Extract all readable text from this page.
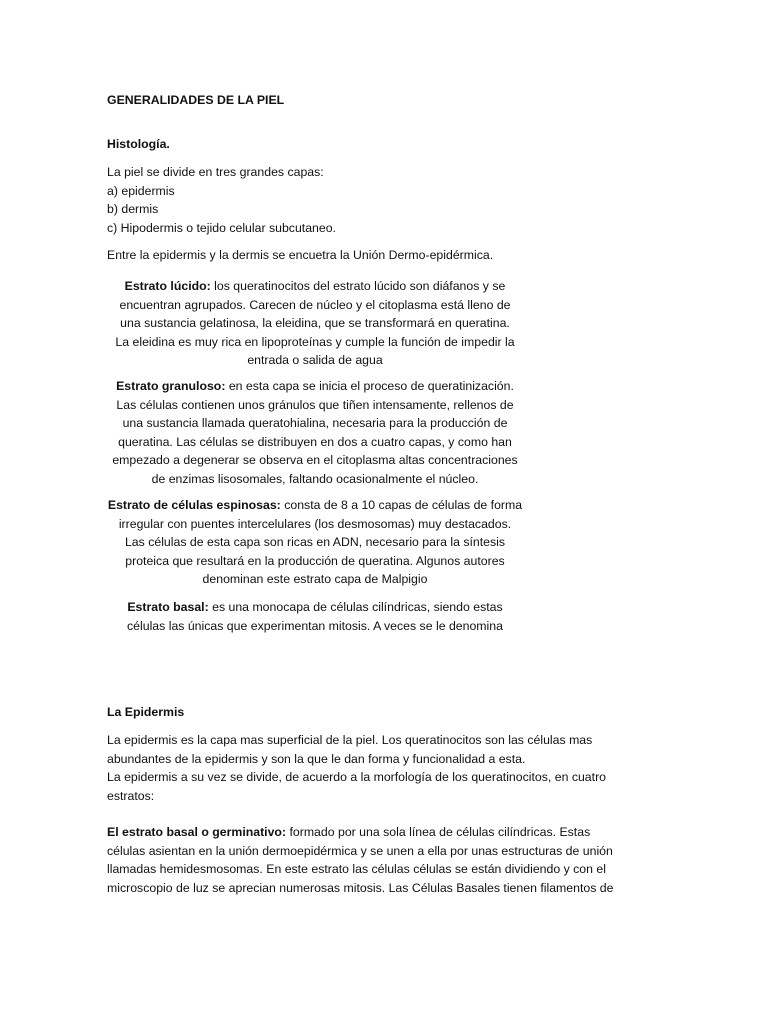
GENERALIDADES DE LA PIEL

Histología.

La piel se divide en tres grandes capas:
a) epidermis
b) dermis
c) Hipodermis o tejido celular subcutaneo.

Entre la epidermis y la dermis se encuetra la Unión Dermo-epidérmica.

Estrato lúcido: los queratinocitos del estrato lúcido son diáfanos y se
encuentran agrupados. Carecen de núcleo y el citoplasma está lleno de
una sustancia gelatinosa, la eleidina, que se transformará en queratina.
La eleidina es muy rica en lipoproteínas y cumple la función de impedir la
entrada o salida de agua
Estrato granuloso: en esta capa se inicia el proceso de queratinización.
Las células contienen unos gránulos que tiñen intensamente, rellenos de
una sustancia llamada queratohialina, necesaria para la producción de
queratina. Las células se distribuyen en dos a cuatro capas, y como han
empezado a degenerar se observa en el citoplasma altas concentraciones
de enzimas lisosomales, faltando ocasionalmente el núcleo.
Estrato de células espinosas: consta de 8 a 10 capas de células de forma
irregular con puentes intercelulares (los desmosomas) muy destacados.
Las células de esta capa son ricas en ADN, necesario para la síntesis
proteica que resultará en la producción de queratina. Algunos autores
denominan este estrato capa de Malpigio
Estrato basal: es una monocapa de células cilíndricas, siendo estas
células las únicas que experimentan mitosis. A veces se le denomina

La Epidermis

La epidermis es la capa mas superficial de la piel. Los queratinocitos son las células mas
abundantes de la epidermis y son la que le dan forma y funcionalidad a esta.
La epidermis a su vez se divide, de acuerdo a la morfología de los queratinocitos, en cuatro
estratos:
El estrato basal o germinativo: formado por una sola línea de células cilíndricas. Estas
células asientan en la unión dermoepidérmica y se unen a ella por unas estructuras de unión
llamadas hemidesmosomas. En este estrato las células células se están dividiendo y con el
microscopio de luz se aprecian numerosas mitosis. Las Células Basales tienen filamentos de
